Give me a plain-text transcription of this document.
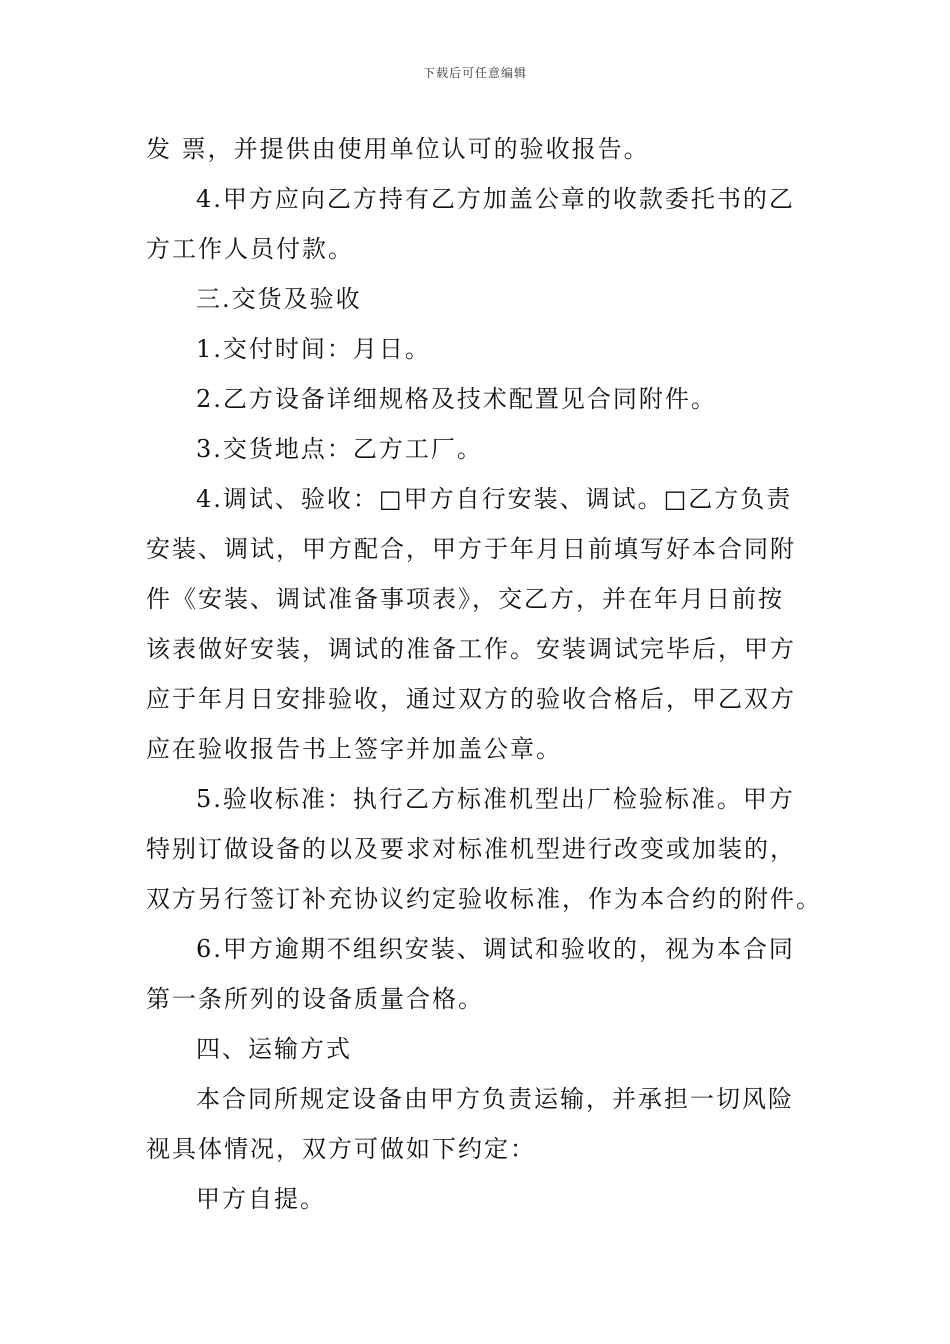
下载后可任意编辑
发 票，并提供由使用单位认可的验收报告。
4.甲方应向乙方持有乙方加盖公章的收款委托书的乙
方工作人员付款。
三.交货及验收
1.交付时间：月日。
2.乙方设备详细规格及技术配置见合同附件。
3.交货地点：乙方工厂。
4.调试、验收：□甲方自行安装、调试。□乙方负责
安装、调试，甲方配合，甲方于年月日前填写好本合同附
件《安装、调试准备事项表》，交乙方，并在年月日前按
该表做好安装，调试的准备工作。安装调试完毕后，甲方
应于年月日安排验收，通过双方的验收合格后，甲乙双方
应在验收报告书上签字并加盖公章。
5.验收标准：执行乙方标准机型出厂检验标准。甲方
特别订做设备的以及要求对标准机型进行改变或加装的，
双方另行签订补充协议约定验收标准，作为本合约的附件。
6.甲方逾期不组织安装、调试和验收的，视为本合同
第一条所列的设备质量合格。
四、运输方式
本合同所规定设备由甲方负责运输，并承担一切风险
视具体情况，双方可做如下约定：
甲方自提。
